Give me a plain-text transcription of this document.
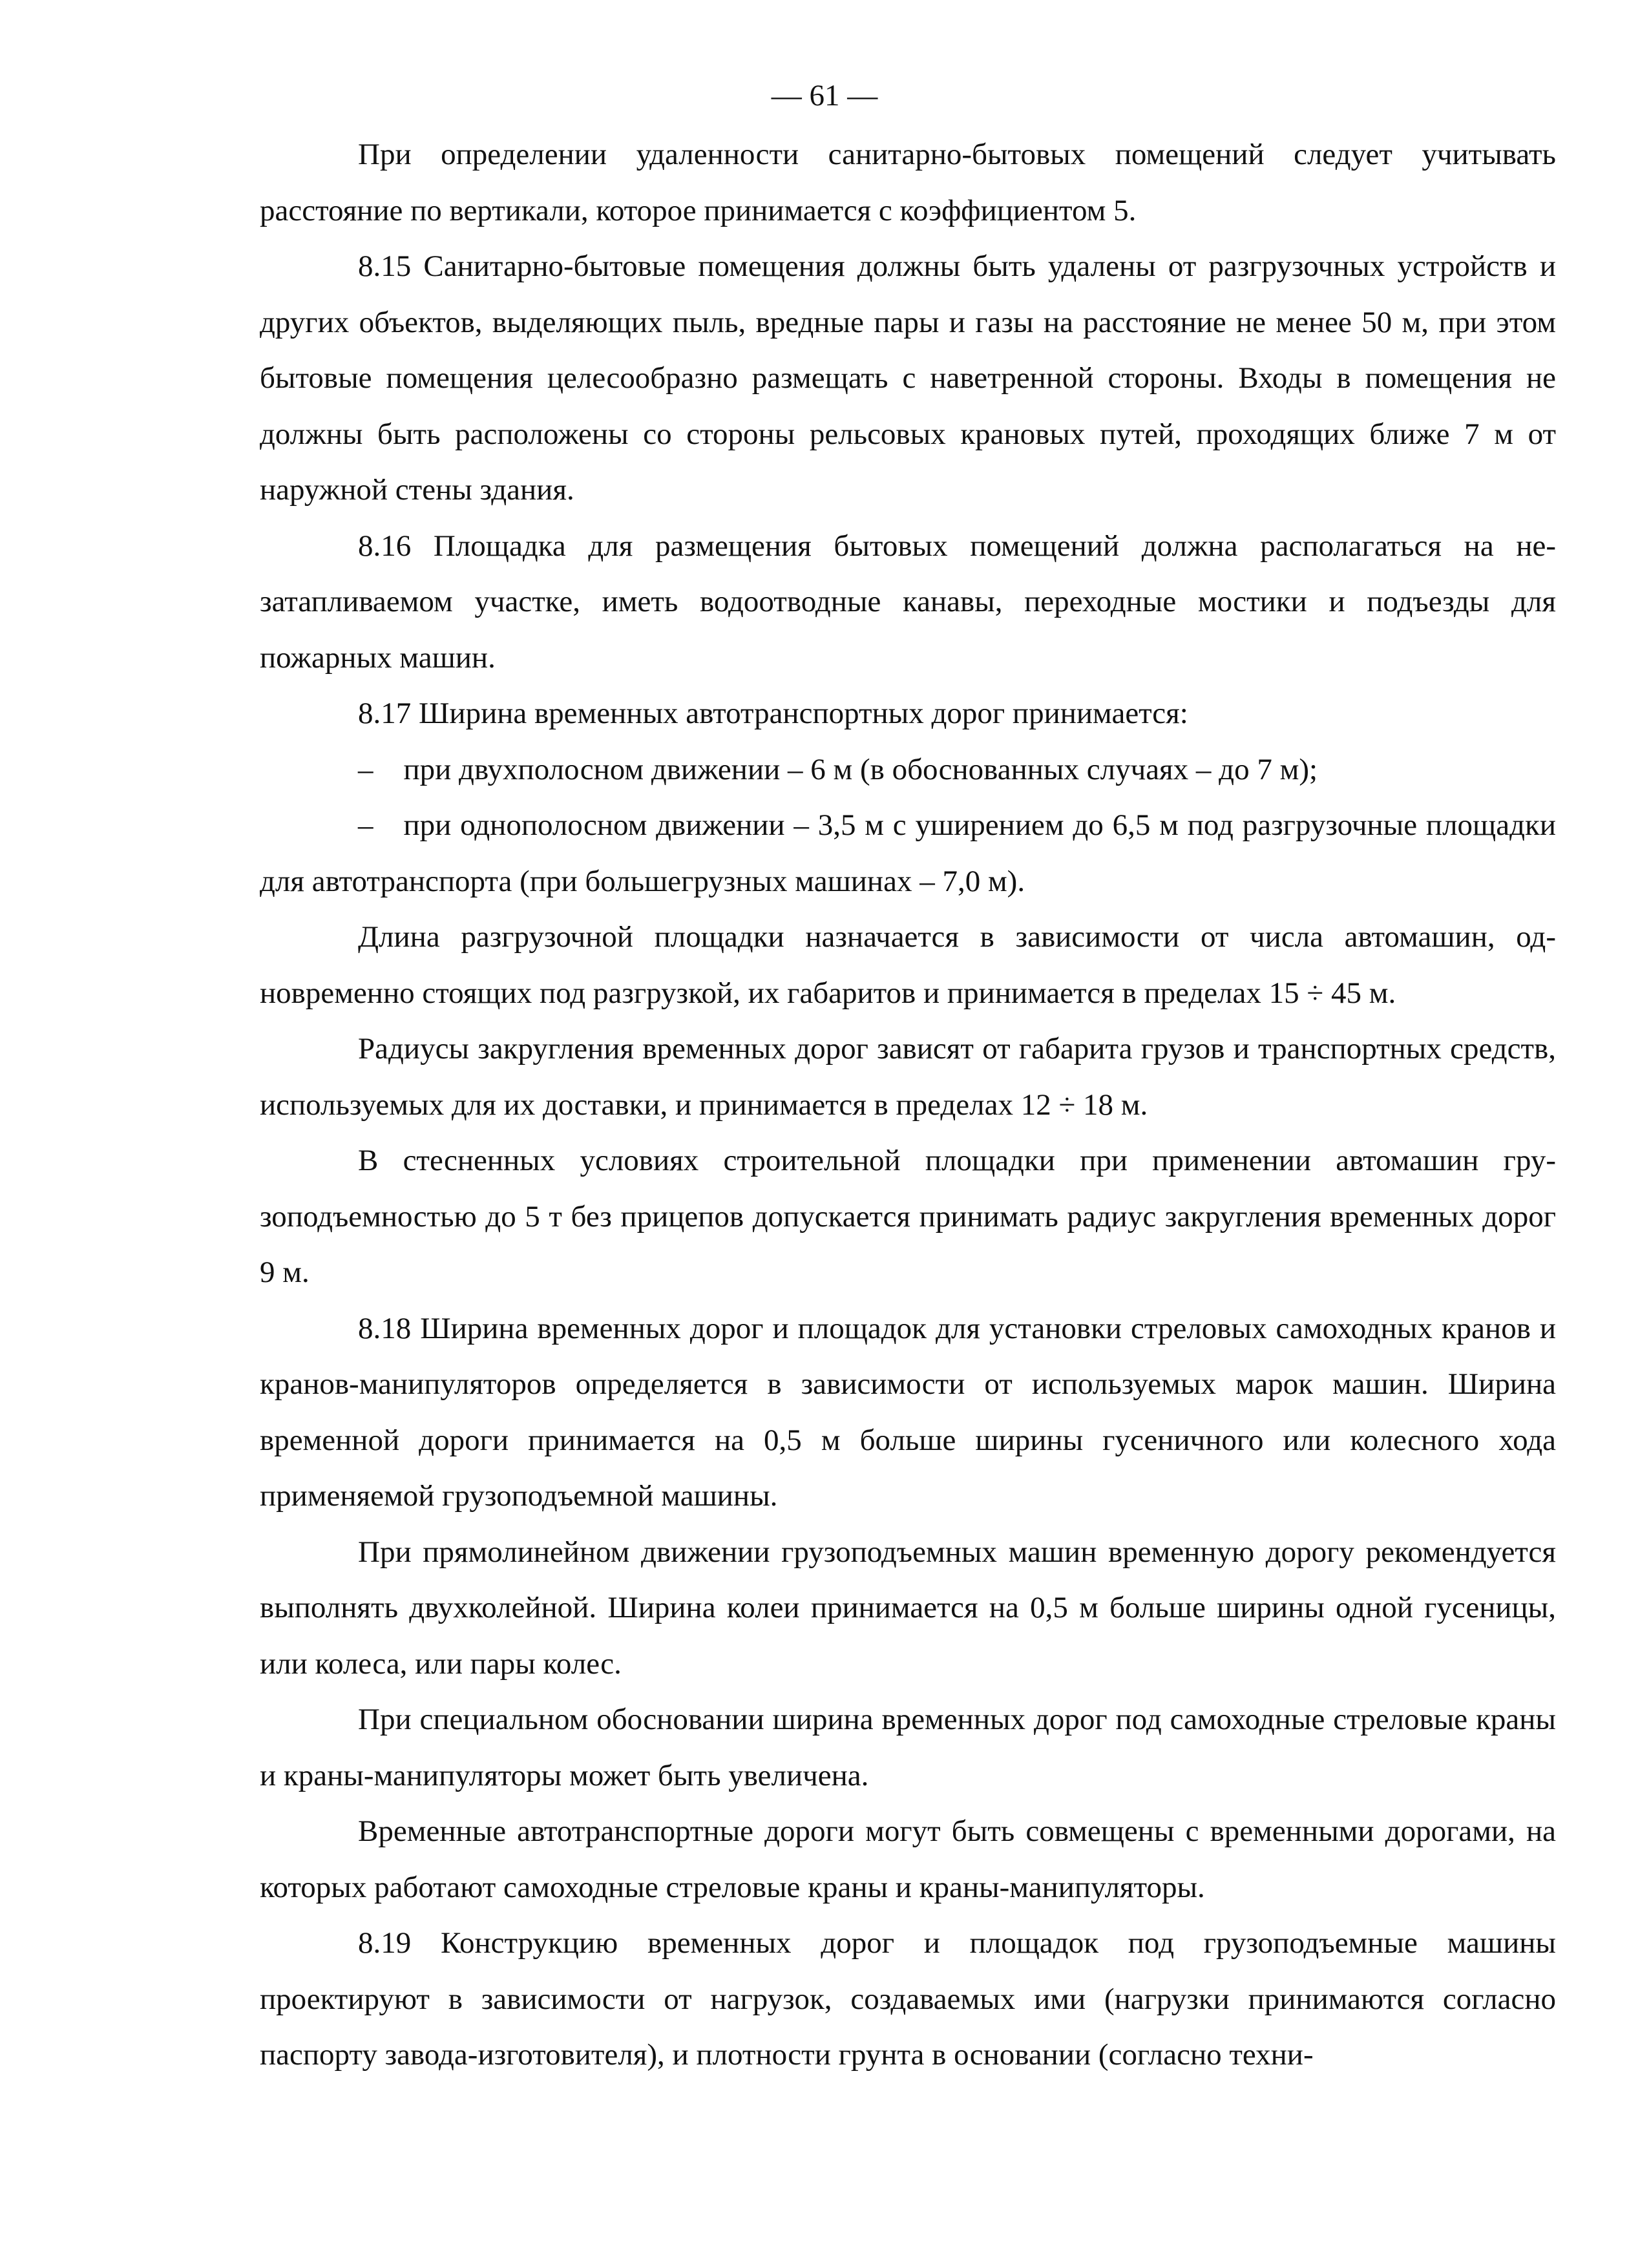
— 61 —

При определении удаленности санитарно-бытовых помещений следует учитывать расстояние по вертикали, которое принимается с коэффициентом 5.

8.15 Санитарно-бытовые помещения должны быть удалены от разгрузочных устройств и других объектов, выделяющих пыль, вредные пары и газы на расстояние не менее 50 м, при этом бытовые помещения целесообразно размещать с наветренной стороны. Входы в помещения не должны быть расположены со стороны рельсовых крановых путей, проходящих ближе 7 м от наружной стены здания.

8.16 Площадка для размещения бытовых помещений должна располагаться на незатапливаемом участке, иметь водоотводные канавы, переходные мостики и подъезды для пожарных машин.

8.17 Ширина временных автотранспортных дорог принимается:

– при двухполосном движении – 6 м (в обоснованных случаях – до 7 м);

– при однополосном движении – 3,5 м с уширением до 6,5 м под разгрузочные площадки для автотранспорта (при большегрузных машинах – 7,0 м).

Длина разгрузочной площадки назначается в зависимости от числа автомашин, одновременно стоящих под разгрузкой, их габаритов и принимается в пределах 15 ÷ 45 м.

Радиусы закругления временных дорог зависят от габарита грузов и транспортных средств, используемых для их доставки, и принимается в пределах 12 ÷ 18 м.

В стесненных условиях строительной площадки при применении автомашин грузоподъемностью до 5 т без прицепов допускается принимать радиус закругления временных дорог 9 м.

8.18 Ширина временных дорог и площадок для установки стреловых самоходных кранов и кранов-манипуляторов определяется в зависимости от используемых марок машин. Ширина временной дороги принимается на 0,5 м больше ширины гусеничного или колесного хода применяемой грузоподъемной машины.

При прямолинейном движении грузоподъемных машин временную дорогу рекомендуется выполнять двухколейной. Ширина колеи принимается на 0,5 м больше ширины одной гусеницы, или колеса, или пары колес.

При специальном обосновании ширина временных дорог под самоходные стреловые краны и краны-манипуляторы может быть увеличена.

Временные автотранспортные дороги могут быть совмещены с временными дорогами, на которых работают самоходные стреловые краны и краны-манипуляторы.

8.19 Конструкцию временных дорог и площадок под грузоподъемные машины проектируют в зависимости от нагрузок, создаваемых ими (нагрузки принимаются согласно паспорту завода-изготовителя), и плотности грунта в основании (согласно техни-
